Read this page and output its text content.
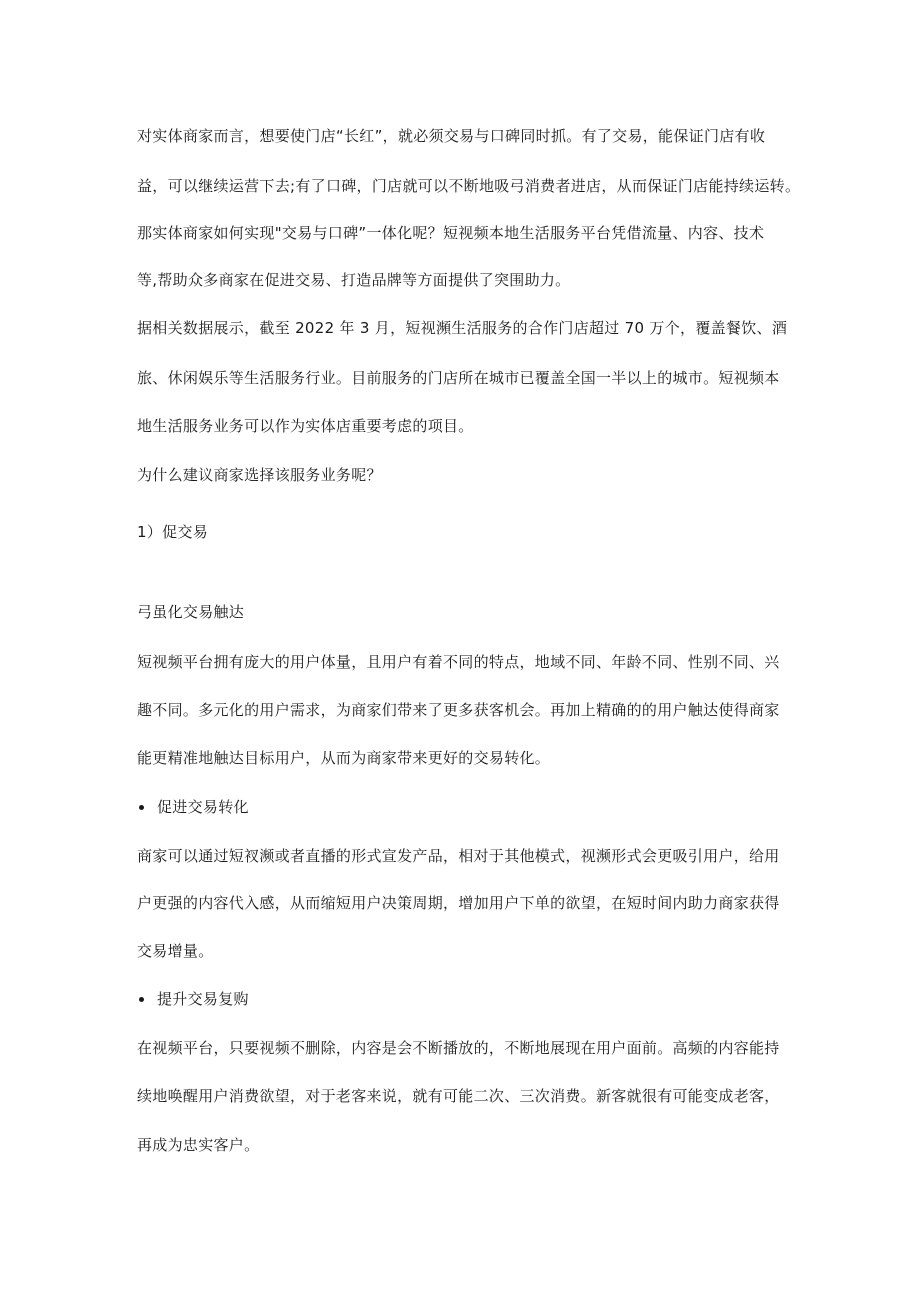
对实体商家而言，想要使门店“长红”，就必须交易与口碑同时抓。有了交易，能保证门店有收
益，可以继续运营下去;有了口碑，门店就可以不断地吸弓消费者进店，从而保证门店能持续运转。
那实体商家如何实现"交易与口碑”一体化呢？短视频本地生活服务平台凭借流量、内容、技术
等,帮助众多商家在促进交易、打造品牌等方面提供了突围助力。
据相关数据展示，截至 2022 年 3 月，短视瀕生活服务的合作门店超过 70 万个，覆盖餐饮、酒
旅、休闲娱乐等生活服务行业。目前服务的门店所在城市已覆盖全国一半以上的城市。短视频本
地生活服务业务可以作为实体店重要考虑的项目。
为什么建议商家选择该服务业务呢？
1）促交易
弓虽化交易触达
短视频平台拥有庞大的用户体量，且用户有着不同的特点，地域不同、年龄不同、性别不同、兴
趣不同。多元化的用户需求，为商家们带来了更多获客机会。再加上精确的的用户触达使得商家
能更精准地触达目标用户，从而为商家带来更好的交易转化。
促进交易转化
商家可以通过短衩濒或者直播的形式宣发产品，相对于其他模式，视濒形式会更吸引用户，给用
户更强的内容代入感，从而缩短用户决策周期，增加用户下单的欲望，在短时间内助力商家获得
交易增量。
提升交易复购
在视频平台，只要视频不删除，内容是会不断播放的，不断地展现在用户面前。高频的内容能持
续地唤醒用户消费欲望，对于老客来说，就有可能二次、三次消费。新客就很有可能变成老客，
再成为忠实客户。
